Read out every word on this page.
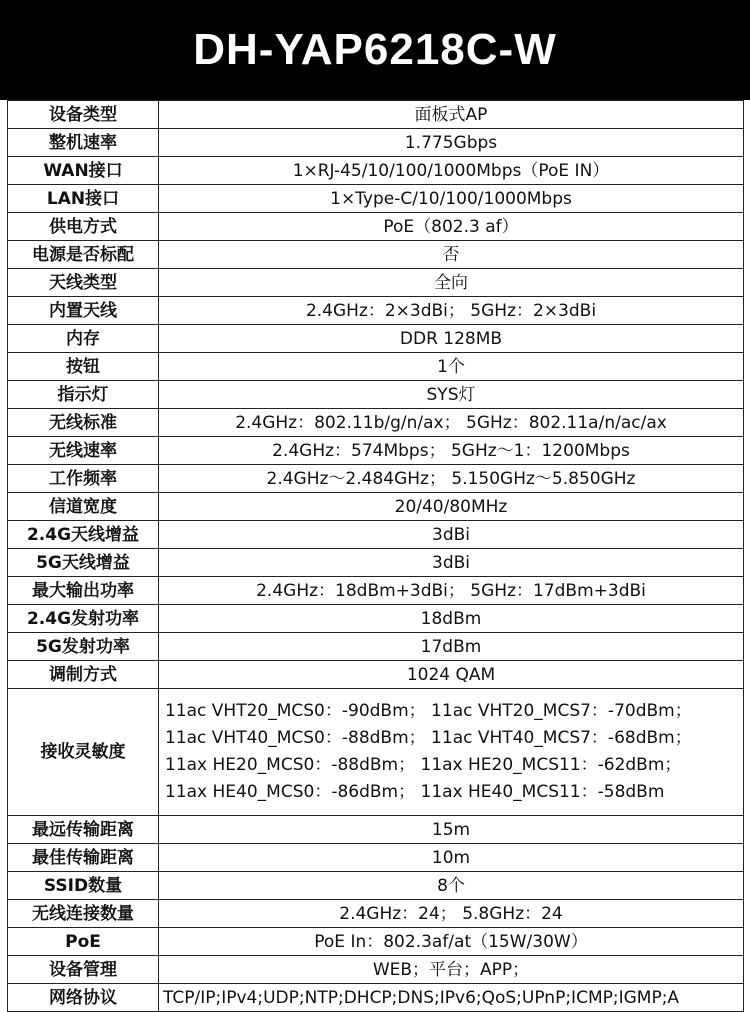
DH-YAP6218C-W
设备类型	面板式AP
整机速率	1.775Gbps
WAN接口	1×RJ-45/10/100/1000Mbps（PoE IN）
LAN接口	1×Type-C/10/100/1000Mbps
供电方式	PoE（802.3 af）
电源是否标配	否
天线类型	全向
内置天线	2.4GHz：2×3dBi； 5GHz：2×3dBi
内存	DDR 128MB
按钮	1个
指示灯	SYS灯
无线标准	2.4GHz：802.11b/g/n/ax； 5GHz：802.11a/n/ac/ax
无线速率	2.4GHz：574Mbps； 5GHz～1：1200Mbps
工作频率	2.4GHz～2.484GHz； 5.150GHz～5.850GHz
信道宽度	20/40/80MHz
2.4G天线增益	3dBi
5G天线增益	3dBi
最大输出功率	2.4GHz：18dBm+3dBi； 5GHz：17dBm+3dBi
2.4G发射功率	18dBm
5G发射功率	17dBm
调制方式	1024 QAM
接收灵敏度	11ac VHT20_MCS0：-90dBm； 11ac VHT20_MCS7：-70dBm；
11ac VHT40_MCS0：-88dBm； 11ac VHT40_MCS7：-68dBm；
11ax HE20_MCS0：-88dBm； 11ax HE20_MCS11：-62dBm；
11ax HE40_MCS0：-86dBm； 11ax HE40_MCS11：-58dBm

最远传输距离	15m
最佳传输距离	10m
SSID数量	8个
无线连接数量	2.4GHz：24； 5.8GHz：24
PoE	PoE In：802.3af/at（15W/30W）
设备管理	WEB；平台；APP；
网络协议	TCP/IP;IPv4;UDP;NTP;DHCP;DNS;IPv6;QoS;UPnP;ICMP;IGMP;A
